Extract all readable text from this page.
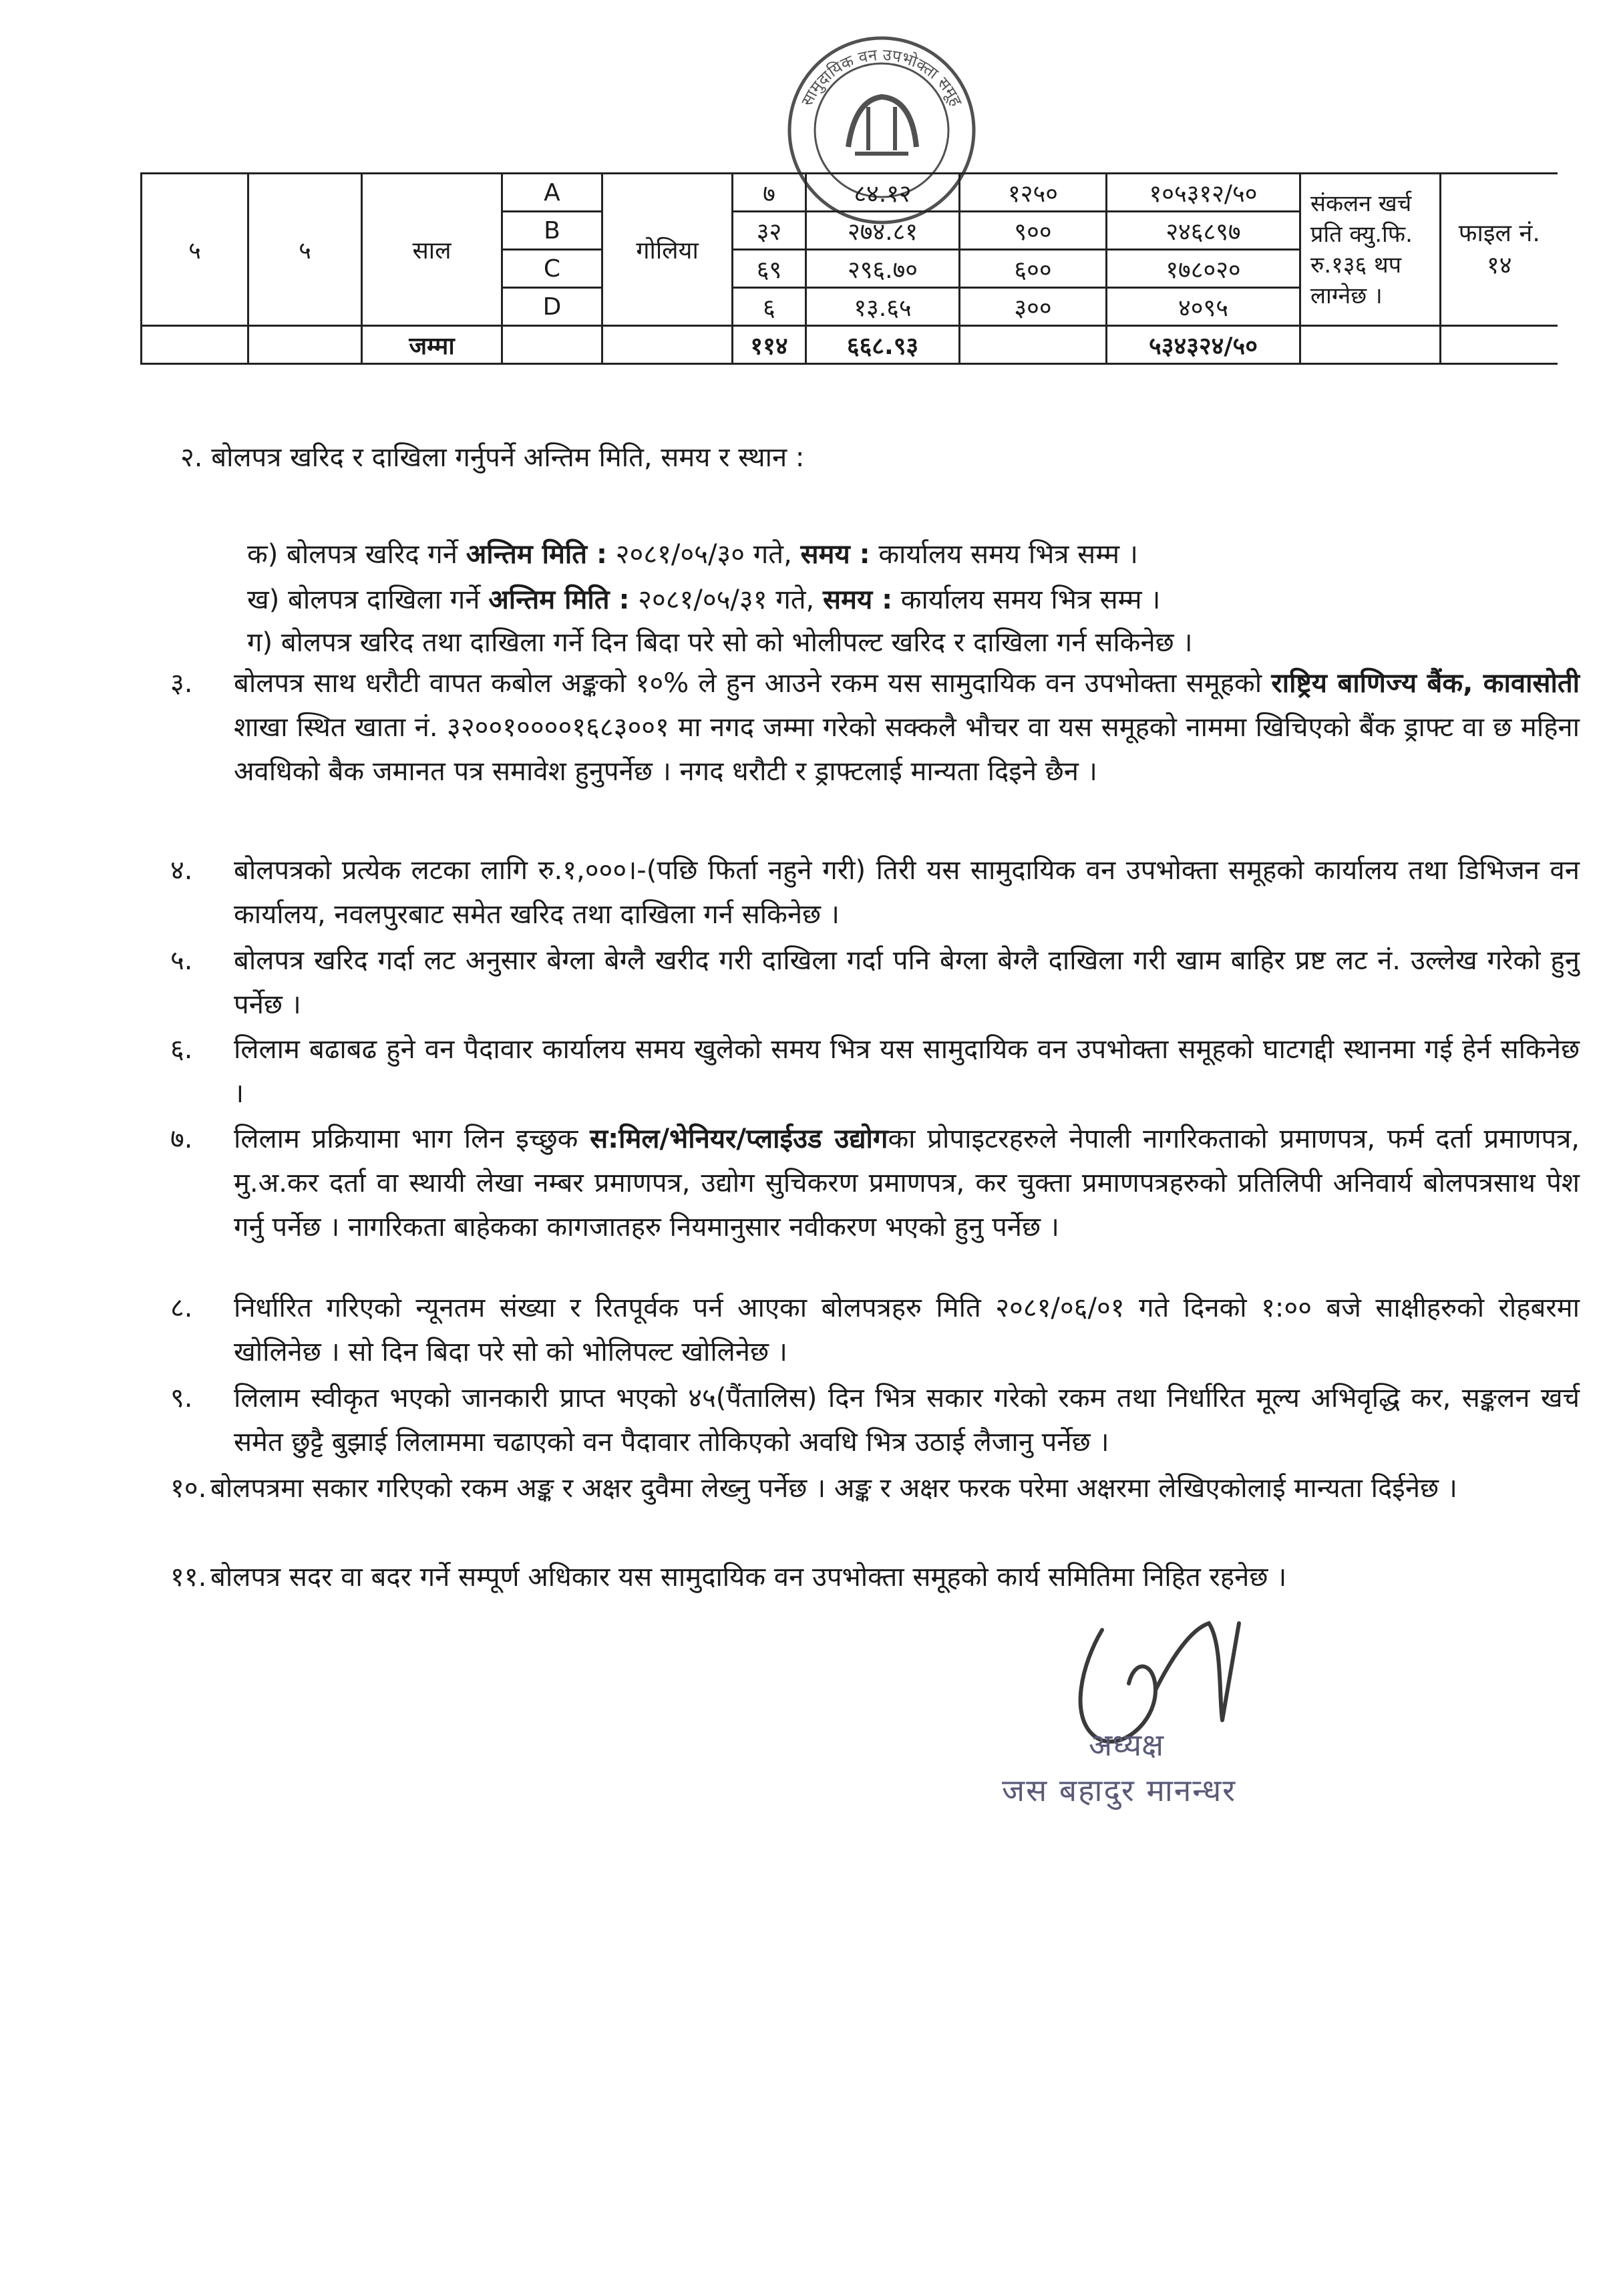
सामुदायिक वन उपभोक्ता समूह
५	५	साल	A	गोलिया	७	८४.१२	१२५०	१०५३१२/५०	संकलन खर्च प्रति क्यु.फि. रु.१३६ थप लाग्नेछ ।	फाइल नं. १४
			B		३२	२७४.८१	९००	२४६८९७		
			C		६९	२९६.७०	६००	१७८०२०		
			D		६	१३.६५	३००	४०९५		
		जम्मा			११४	६६८.९३		५३४३२४/५०		
२. बोलपत्र खरिद र दाखिला गर्नुपर्ने अन्तिम मिति, समय र स्थान :
क) बोलपत्र खरिद गर्ने अन्तिम मिति : २०८१/०५/३० गते, समय : कार्यालय समय भित्र सम्म ।
ख) बोलपत्र दाखिला गर्ने अन्तिम मिति : २०८१/०५/३१ गते, समय : कार्यालय समय भित्र सम्म ।
ग) बोलपत्र खरिद तथा दाखिला गर्ने दिन बिदा परे सो को भोलीपल्ट खरिद र दाखिला गर्न सकिनेछ ।
३. बोलपत्र साथ धरौटी वापत कबोल अङ्कको १०% ले हुन आउने रकम यस सामुदायिक वन उपभोक्ता समूहको राष्ट्रिय बाणिज्य बैंक, कावासोती शाखा स्थित खाता नं. ३२००१००००१६८३००१ मा नगद जम्मा गरेको सक्कलै भौचर वा यस समूहको नाममा खिचिएको बैंक ड्राफ्ट वा छ महिना अवधिको बैक जमानत पत्र समावेश हुनुपर्नेछ । नगद धरौटी र ड्राफ्टलाई मान्यता दिइने छैन ।
४. बोलपत्रको प्रत्येक लटका लागि रु.१,०००।-(पछि फिर्ता नहुने गरी) तिरी यस सामुदायिक वन उपभोक्ता समूहको कार्यालय तथा डिभिजन वन कार्यालय, नवलपुरबाट समेत खरिद तथा दाखिला गर्न सकिनेछ ।
५. बोलपत्र खरिद गर्दा लट अनुसार बेग्ला बेग्लै खरीद गरी दाखिला गर्दा पनि बेग्ला बेग्लै दाखिला गरी खाम बाहिर प्रष्ट लट नं. उल्लेख गरेको हुनु पर्नेछ ।
६. लिलाम बढाबढ हुने वन पैदावार कार्यालय समय खुलेको समय भित्र यस सामुदायिक वन उपभोक्ता समूहको घाटगद्दी स्थानमा गई हेर्न सकिनेछ ।
७. लिलाम प्रक्रियामा भाग लिन इच्छुक स:मिल/भेनियर/प्लाईउड उद्योगका प्रोपाइटरहरुले नेपाली नागरिकताको प्रमाणपत्र, फर्म दर्ता प्रमाणपत्र, मु.अ.कर दर्ता वा स्थायी लेखा नम्बर प्रमाणपत्र, उद्योग सुचिकरण प्रमाणपत्र, कर चुक्ता प्रमाणपत्रहरुको प्रतिलिपी अनिवार्य बोलपत्रसाथ पेश गर्नु पर्नेछ । नागरिकता बाहेकका कागजातहरु नियमानुसार नवीकरण भएको हुनु पर्नेछ ।
८. निर्धारित गरिएको न्यूनतम संख्या र रितपूर्वक पर्न आएका बोलपत्रहरु मिति २०८१/०६/०१ गते दिनको १:०० बजे साक्षीहरुको रोहबरमा खोलिनेछ । सो दिन बिदा परे सो को भोलिपल्ट खोलिनेछ ।
९. लिलाम स्वीकृत भएको जानकारी प्राप्त भएको ४५(पैंतालिस) दिन भित्र सकार गरेको रकम तथा निर्धारित मूल्य अभिवृद्धि कर, सङ्कलन खर्च समेत छुट्टै बुझाई लिलाममा चढाएको वन पैदावार तोकिएको अवधि भित्र उठाई लैजानु पर्नेछ ।
१०. बोलपत्रमा सकार गरिएको रकम अङ्क र अक्षर दुवैमा लेख्नु पर्नेछ । अङ्क र अक्षर फरक परेमा अक्षरमा लेखिएकोलाई मान्यता दिईनेछ ।
११. बोलपत्र सदर वा बदर गर्ने सम्पूर्ण अधिकार यस सामुदायिक वन उपभोक्ता समूहको कार्य समितिमा निहित रहनेछ ।
अध्यक्ष
जस बहादुर मानन्धर
